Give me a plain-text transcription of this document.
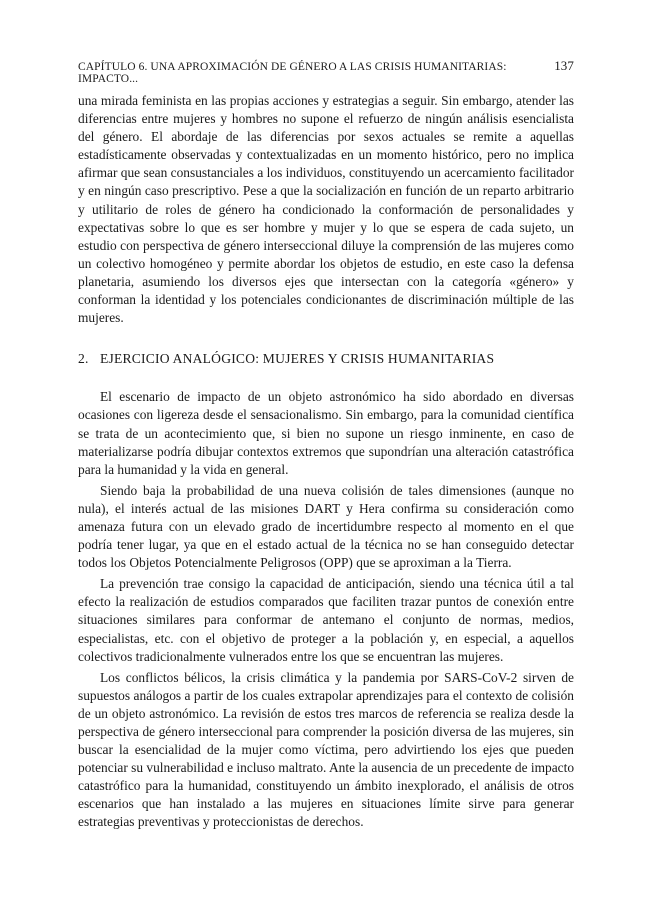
CAPÍTULO 6. UNA APROXIMACIÓN DE GÉNERO A LAS CRISIS HUMANITARIAS: IMPACTO...
137

una mirada feminista en las propias acciones y estrategias a seguir. Sin embargo, atender las diferencias entre mujeres y hombres no supone el refuerzo de ningún análisis esencialista del género. El abordaje de las diferencias por sexos actuales se remite a aquellas estadísticamente observadas y contextualizadas en un momento histórico, pero no implica afirmar que sean consustanciales a los individuos, constituyendo un acercamiento facilitador y en ningún caso prescriptivo. Pese a que la socialización en función de un reparto arbitrario y utilitario de roles de género ha condicionado la conformación de personalidades y expectativas sobre lo que es ser hombre y mujer y lo que se espera de cada sujeto, un estudio con perspectiva de género interseccional diluye la comprensión de las mujeres como un colectivo homogéneo y permite abordar los objetos de estudio, en este caso la defensa planetaria, asumiendo los diversos ejes que intersectan con la categoría «género» y conforman la identidad y los potenciales condicionantes de discriminación múltiple de las mujeres.

2. EJERCICIO ANALÓGICO: MUJERES Y CRISIS HUMANITARIAS

El escenario de impacto de un objeto astronómico ha sido abordado en diversas ocasiones con ligereza desde el sensacionalismo. Sin embargo, para la comunidad científica se trata de un acontecimiento que, si bien no supone un riesgo inminente, en caso de materializarse podría dibujar contextos extremos que supondrían una alteración catastrófica para la humanidad y la vida en general.

Siendo baja la probabilidad de una nueva colisión de tales dimensiones (aunque no nula), el interés actual de las misiones DART y Hera confirma su consideración como amenaza futura con un elevado grado de incertidumbre respecto al momento en el que podría tener lugar, ya que en el estado actual de la técnica no se han conseguido detectar todos los Objetos Potencialmente Peligrosos (OPP) que se aproximan a la Tierra.

La prevención trae consigo la capacidad de anticipación, siendo una técnica útil a tal efecto la realización de estudios comparados que faciliten trazar puntos de conexión entre situaciones similares para conformar de antemano el conjunto de normas, medios, especialistas, etc. con el objetivo de proteger a la población y, en especial, a aquellos colectivos tradicionalmente vulnerados entre los que se encuentran las mujeres.

Los conflictos bélicos, la crisis climática y la pandemia por SARS-CoV-2 sirven de supuestos análogos a partir de los cuales extrapolar aprendizajes para el contexto de colisión de un objeto astronómico. La revisión de estos tres marcos de referencia se realiza desde la perspectiva de género interseccional para comprender la posición diversa de las mujeres, sin buscar la esencialidad de la mujer como víctima, pero advirtiendo los ejes que pueden potenciar su vulnerabilidad e incluso maltrato. Ante la ausencia de un precedente de impacto catastrófico para la humanidad, constituyendo un ámbito inexplorado, el análisis de otros escenarios que han instalado a las mujeres en situaciones límite sirve para generar estrategias preventivas y proteccionistas de derechos.
